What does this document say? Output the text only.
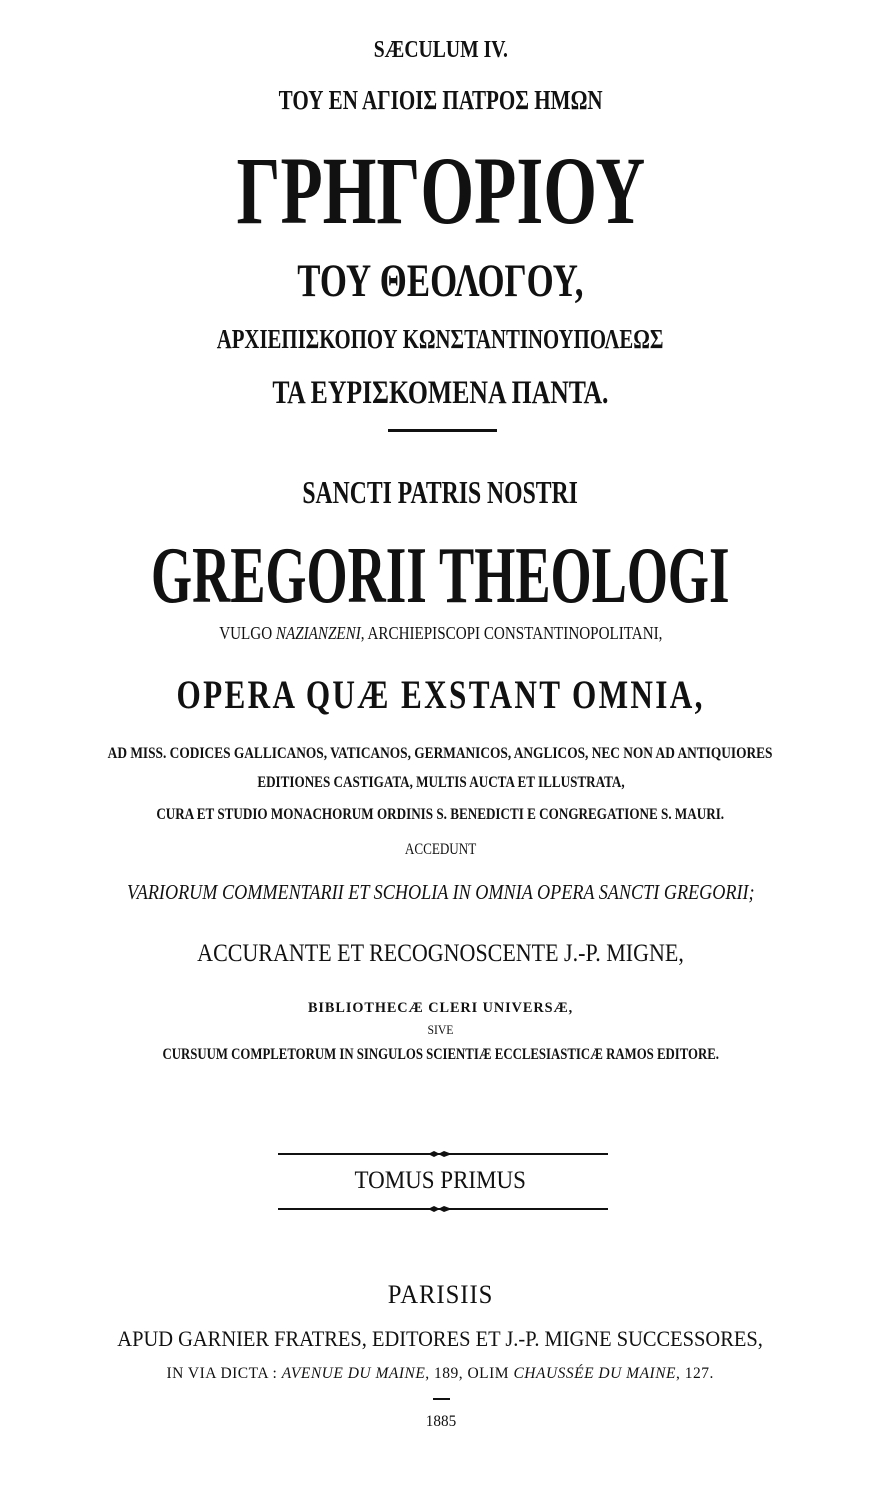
SÆCULUM IV.
ΤΟΥ ΕΝ ΑΓΙΟΙΣ ΠΑΤΡΟΣ ΗΜΩΝ
ΓΡΗΓΟΡΙΟΥ
ΤΟΥ ΘΕΟΛΟΓΟΥ,
ΑΡΧΙΕΠΙΣΚΟΠΟΥ ΚΩΝΣΤΑΝΤΙΝΟΥΠΟΛΕΩΣ
ΤΑ ΕΥΡΙΣΚΟΜΕΝΑ ΠΑΝΤΑ.
SANCTI PATRIS NOSTRI
GREGORII THEOLOGI
VULGO NAZIANZENI, ARCHIEPISCOPI CONSTANTINOPOLITANI,
OPERA QUÆ EXSTANT OMNIA,
AD MISS. CODICES GALLICANOS, VATICANOS, GERMANICOS, ANGLICOS, NEC NON AD ANTIQUIORES
EDITIONES CASTIGATA, MULTIS AUCTA ET ILLUSTRATA,
CURA ET STUDIO MONACHORUM ORDINIS S. BENEDICTI E CONGREGATIONE S. MAURI.
ACCEDUNT
VARIORUM COMMENTARII ET SCHOLIA IN OMNIA OPERA SANCTI GREGORII;
ACCURANTE ET RECOGNOSCENTE J.-P. MIGNE,
BIBLIOTHECÆ CLERI UNIVERSÆ,
SIVE
CURSUUM COMPLETORUM IN SINGULOS SCIENTIÆ ECCLESIASTICÆ RAMOS EDITORE.
TOMUS PRIMUS
PARISIIS
APUD GARNIER FRATRES, EDITORES ET J.-P. MIGNE SUCCESSORES,
IN VIA DICTA : AVENUE DU MAINE, 189, OLIM CHAUSSÉE DU MAINE, 127.
1885
